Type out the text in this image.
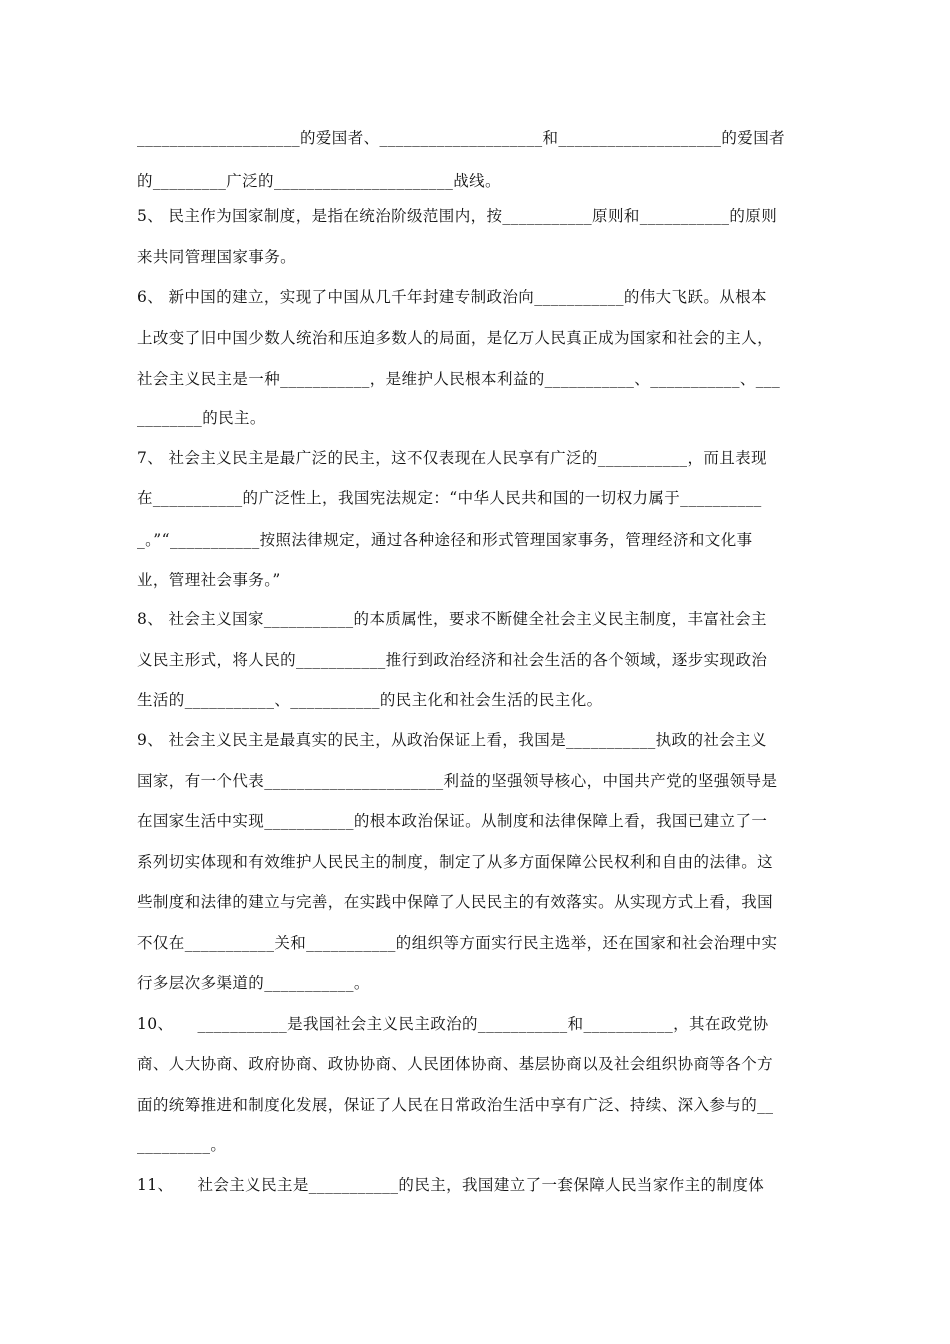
____________________的爱国者、____________________和____________________的爱国者
的_________广泛的______________________战线。
5、 民主作为国家制度，是指在统治阶级范围内，按___________原则和___________的原则
来共同管理国家事务。
6、 新中国的建立，实现了中国从几千年封建专制政治向___________的伟大飞跃。从根本
上改变了旧中国少数人统治和压迫多数人的局面，是亿万人民真正成为国家和社会的主人，
社会主义民主是一种___________，是维护人民根本利益的___________、___________、___
________的民主。
7、 社会主义民主是最广泛的民主，这不仅表现在人民享有广泛的___________，而且表现
在___________的广泛性上，我国宪法规定：“中华人民共和国的一切权力属于__________
_。”“___________按照法律规定，通过各种途径和形式管理国家事务，管理经济和文化事
业，管理社会事务。”
8、 社会主义国家___________的本质属性，要求不断健全社会主义民主制度，丰富社会主
义民主形式，将人民的___________推行到政治经济和社会生活的各个领域，逐步实现政治
生活的___________、___________的民主化和社会生活的民主化。
9、 社会主义民主是最真实的民主，从政治保证上看，我国是___________执政的社会主义
国家，有一个代表______________________利益的坚强领导核心，中国共产党的坚强领导是
在国家生活中实现___________的根本政治保证。从制度和法律保障上看，我国已建立了一
系列切实体现和有效维护人民民主的制度，制定了从多方面保障公民权利和自由的法律。这
些制度和法律的建立与完善，在实践中保障了人民民主的有效落实。从实现方式上看，我国
不仅在___________关和___________的组织等方面实行民主选举，还在国家和社会治理中实
行多层次多渠道的___________。
10、　　___________是我国社会主义民主政治的___________和___________，其在政党协
商、人大协商、政府协商、政协协商、人民团体协商、基层协商以及社会组织协商等各个方
面的统筹推进和制度化发展，保证了人民在日常政治生活中享有广泛、持续、深入参与的__
_________。
11、　　社会主义民主是___________的民主，我国建立了一套保障人民当家作主的制度体
